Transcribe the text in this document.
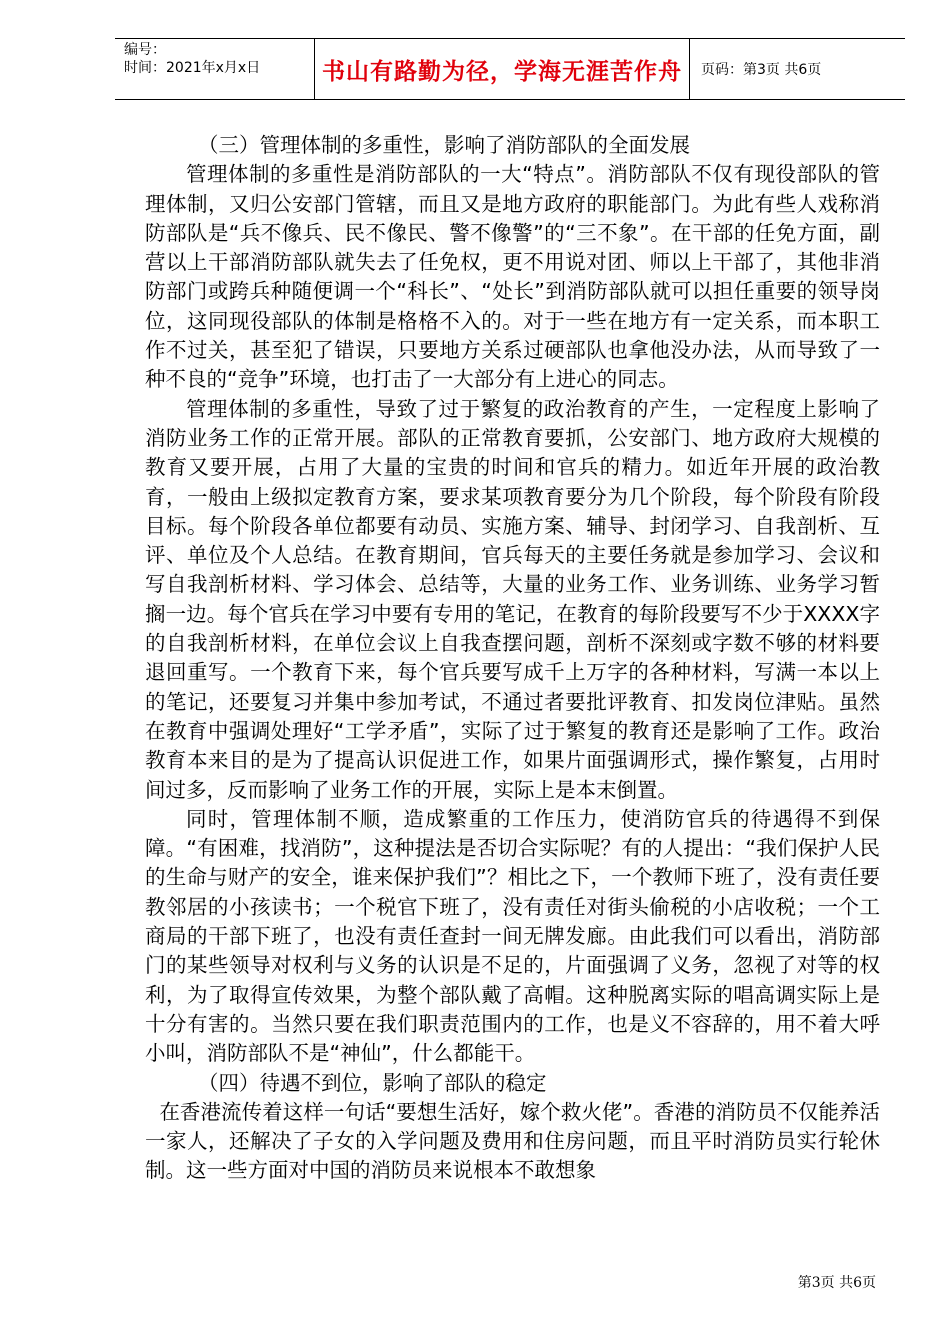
编号：
时间：2021年x月x日	书山有路勤为径，学海无涯苦作舟	页码：第3页 共6页

（三）管理体制的多重性，影响了消防部队的全面发展

管理体制的多重性是消防部队的一大“特点”。消防部队不仅有现役部队的管理体制，又归公安部门管辖，而且又是地方政府的职能部门。为此有些人戏称消防部队是“兵不像兵、民不像民、警不像警”的“三不象”。在干部的任免方面，副营以上干部消防部队就失去了任免权，更不用说对团、师以上干部了，其他非消防部门或跨兵种随便调一个“科长”、“处长”到消防部队就可以担任重要的领导岗位，这同现役部队的体制是格格不入的。对于一些在地方有一定关系，而本职工作不过关，甚至犯了错误，只要地方关系过硬部队也拿他没办法，从而导致了一种不良的“竞争”环境，也打击了一大部分有上进心的同志。

管理体制的多重性，导致了过于繁复的政治教育的产生，一定程度上影响了消防业务工作的正常开展。部队的正常教育要抓，公安部门、地方政府大规模的教育又要开展，占用了大量的宝贵的时间和官兵的精力。如近年开展的政治教育，一般由上级拟定教育方案，要求某项教育要分为几个阶段，每个阶段有阶段目标。每个阶段各单位都要有动员、实施方案、辅导、封闭学习、自我剖析、互评、单位及个人总结。在教育期间，官兵每天的主要任务就是参加学习、会议和写自我剖析材料、学习体会、总结等，大量的业务工作、业务训练、业务学习暂搁一边。每个官兵在学习中要有专用的笔记，在教育的每阶段要写不少于XXXX字的自我剖析材料，在单位会议上自我查摆问题，剖析不深刻或字数不够的材料要退回重写。一个教育下来，每个官兵要写成千上万字的各种材料，写满一本以上的笔记，还要复习并集中参加考试，不通过者要批评教育、扣发岗位津贴。虽然在教育中强调处理好“工学矛盾”，实际了过于繁复的教育还是影响了工作。政治教育本来目的是为了提高认识促进工作，如果片面强调形式，操作繁复，占用时间过多，反而影响了业务工作的开展，实际上是本末倒置。

同时，管理体制不顺，造成繁重的工作压力，使消防官兵的待遇得不到保障。“有困难，找消防”，这种提法是否切合实际呢？有的人提出：“我们保护人民的生命与财产的安全，谁来保护我们”？相比之下，一个教师下班了，没有责任要教邻居的小孩读书；一个税官下班了，没有责任对街头偷税的小店收税；一个工商局的干部下班了，也没有责任查封一间无牌发廊。由此我们可以看出，消防部门的某些领导对权利与义务的认识是不足的，片面强调了义务，忽视了对等的权利，为了取得宣传效果，为整个部队戴了高帽。这种脱离实际的唱高调实际上是十分有害的。当然只要在我们职责范围内的工作，也是义不容辞的，用不着大呼小叫，消防部队不是“神仙”，什么都能干。

（四）待遇不到位，影响了部队的稳定

在香港流传着这样一句话“要想生活好，嫁个救火佬”。香港的消防员不仅能养活一家人，还解决了子女的入学问题及费用和住房问题，而且平时消防员实行轮休制。这一些方面对中国的消防员来说根本不敢想象

第3页 共6页
